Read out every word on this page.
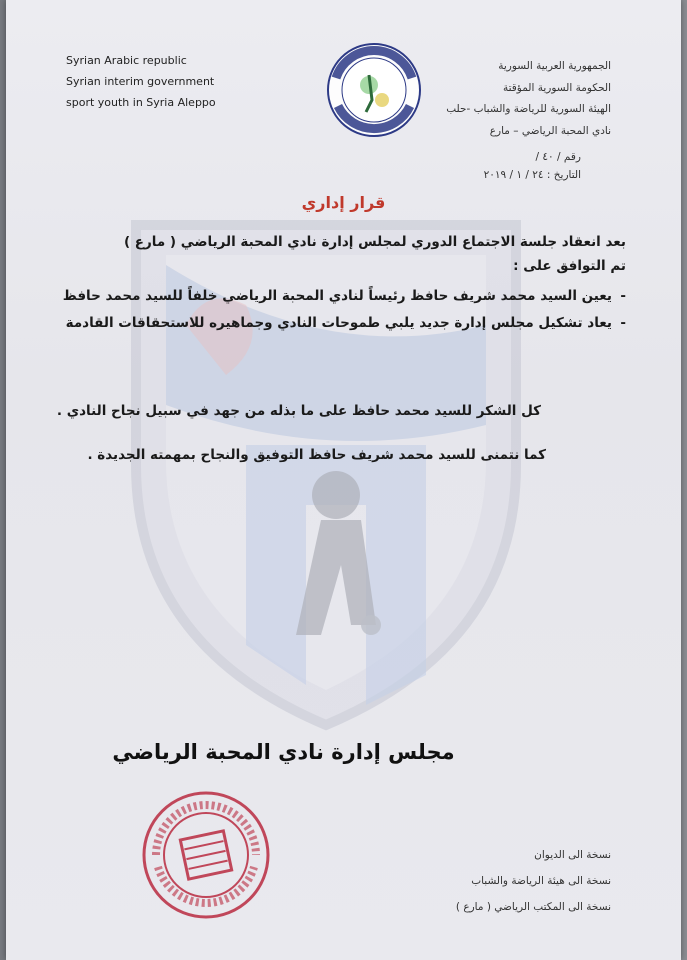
Syrian Arabic republic
Syrian interim government
sport youth in Syria Aleppo
الجمهورية العربية السورية
الحكومة السورية المؤقتة
الهيئة السورية للرياضة والشباب -حلب
نادي المحبة الرياضي – مارع
رقم / ٤٠ /
التاريخ : ٢٤ / ١ / ٢٠١٩
قرار إداري

بعد انعقاد جلسة الاجتماع الدوري لمجلس إدارة نادي المحبة الرياضي ( مارع )

تم التوافق على :

- يعين السيد محمد شريف حافظ رئيساً لنادي المحبة الرياضي خلفاً للسيد محمد حافظ
- يعاد تشكيل مجلس إدارة جديد يلبي طموحات النادي وجماهيره للاستحقاقات القادمة

كل الشكر للسيد محمد حافظ على ما بذله من جهد في سبيل نجاح النادي .

كما نتمنى للسيد محمد شريف حافظ التوفيق والنجاح بمهمته الجديدة .

مجلس إدارة نادي المحبة الرياضي
نسخة الى الديوان
نسخة الى هيئة الرياضة والشباب
نسخة الى المكتب الرياضي ( مارع )
